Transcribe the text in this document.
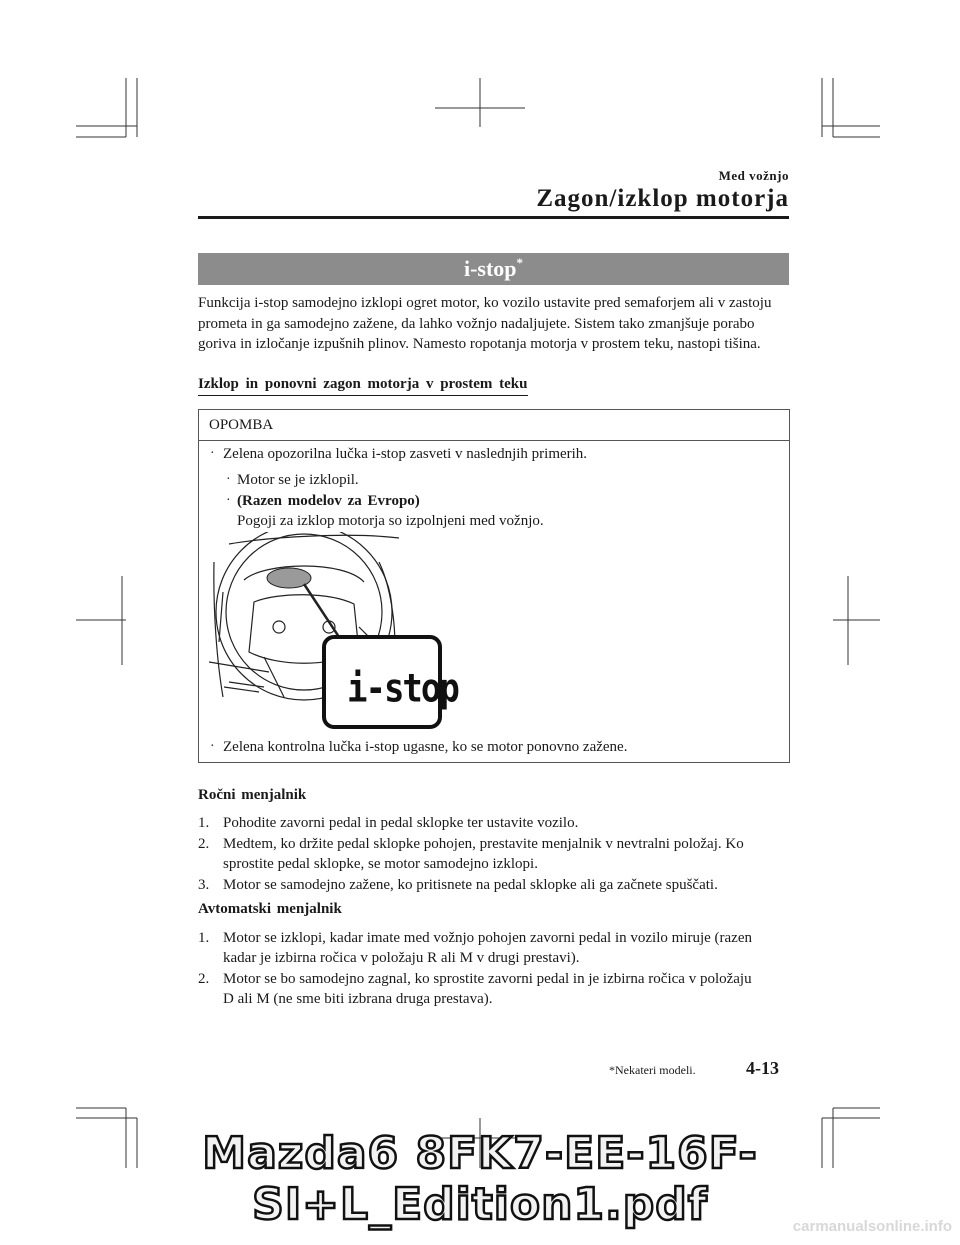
Med vožnjo
Zagon/izklop motorja
i-stop*
Funkcija i-stop samodejno izklopi ogret motor, ko vozilo ustavite pred semaforjem ali v zastoju prometa in ga samodejno zažene, da lahko vožnjo nadaljujete. Sistem tako zmanjšuje porabo goriva in izločanje izpušnih plinov. Namesto ropotanja motorja v prostem teku, nastopi tišina.
Izklop in ponovni zagon motorja v prostem teku
OPOMBA
· Zelena opozorilna lučka i-stop zasveti v naslednjih primerih.
· Motor se je izklopil.
· (Razen modelov za Evropo)
Pogoji za izklop motorja so izpolnjeni med vožnjo.
i-stop
· Zelena kontrolna lučka i-stop ugasne, ko se motor ponovno zažene.
Ročni menjalnik
1. Pohodite zavorni pedal in pedal sklopke ter ustavite vozilo.
2. Medtem, ko držite pedal sklopke pohojen, prestavite menjalnik v nevtralni položaj. Ko
sprostite pedal sklopke, se motor samodejno izklopi.
3. Motor se samodejno zažene, ko pritisnete na pedal sklopke ali ga začnete spuščati.
Avtomatski menjalnik
1. Motor se izklopi, kadar imate med vožnjo pohojen zavorni pedal in vozilo miruje (razen
kadar je izbirna ročica v položaju R ali M v drugi prestavi).
2. Motor se bo samodejno zagnal, ko sprostite zavorni pedal in je izbirna ročica v položaju
D ali M (ne sme biti izbrana druga prestava).
*Nekateri modeli.	4-13
Mazda6 8FK7-EE-16F-SI+L_Edition1.pdf	carmanualsonline.info
